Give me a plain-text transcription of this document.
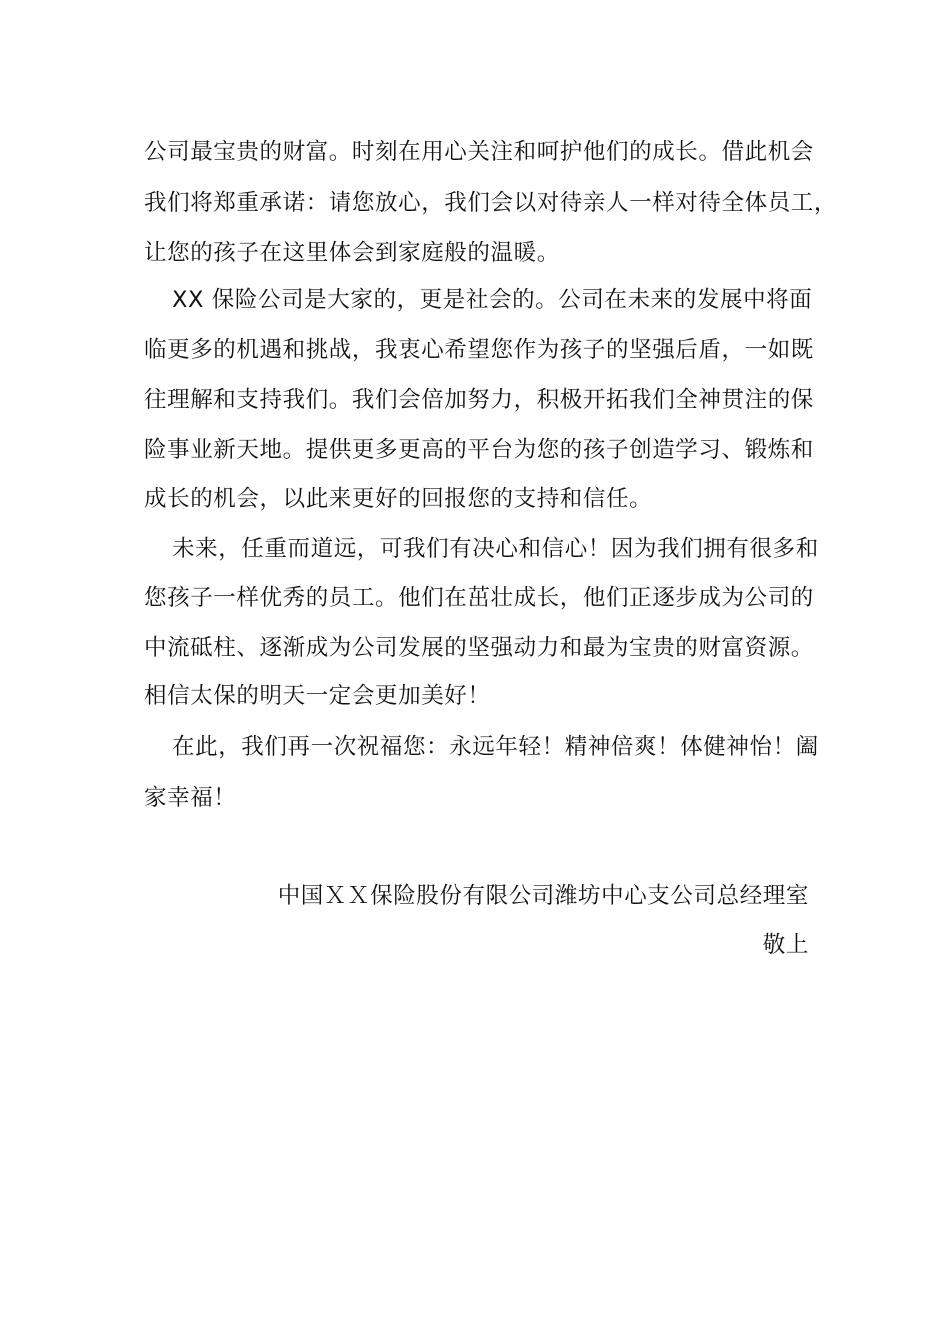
公司最宝贵的财富。时刻在用心关注和呵护他们的成长。借此机会
我们将郑重承诺：请您放心，我们会以对待亲人一样对待全体员工，
让您的孩子在这里体会到家庭般的温暖。
XX 保险公司是大家的，更是社会的。公司在未来的发展中将面
临更多的机遇和挑战，我衷心希望您作为孩子的坚强后盾，一如既
往理解和支持我们。我们会倍加努力，积极开拓我们全神贯注的保
险事业新天地。提供更多更高的平台为您的孩子创造学习、锻炼和
成长的机会，以此来更好的回报您的支持和信任。
未来，任重而道远，可我们有决心和信心！因为我们拥有很多和
您孩子一样优秀的员工。他们在茁壮成长，他们正逐步成为公司的
中流砥柱、逐渐成为公司发展的坚强动力和最为宝贵的财富资源。
相信太保的明天一定会更加美好！
在此，我们再一次祝福您：永远年轻！精神倍爽！体健神怡！阖
家幸福！
中国ＸＸ保险股份有限公司潍坊中心支公司总经理室
敬上
